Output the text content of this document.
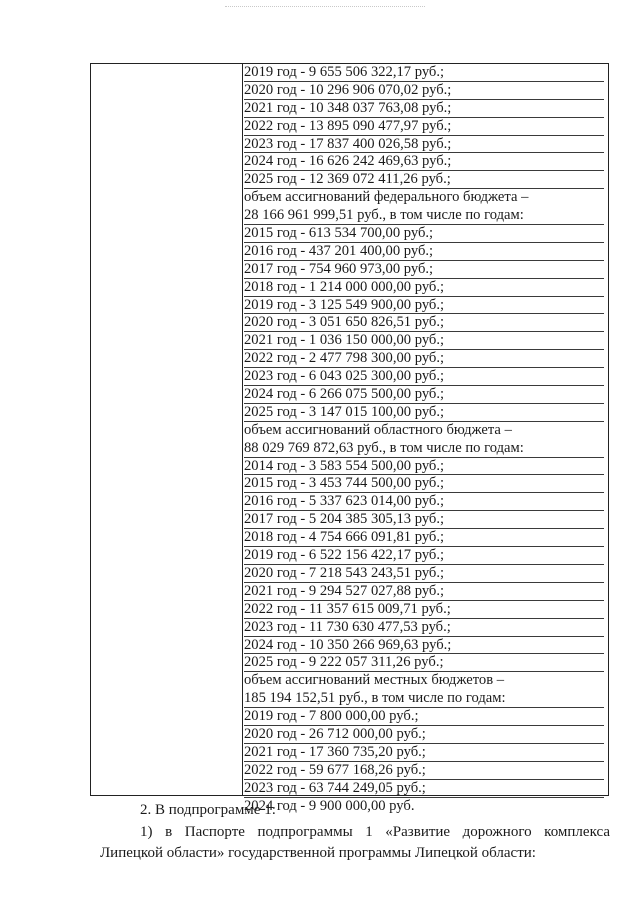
2019 год - 9 655 506 322,17 руб.;
2020 год - 10 296 906 070,02 руб.;
2021 год - 10 348 037 763,08 руб.;
2022 год - 13 895 090 477,97 руб.;
2023 год - 17 837 400 026,58 руб.;
2024 год - 16 626 242 469,63 руб.;
2025 год - 12 369 072 411,26 руб.;
объем ассигнований федерального бюджета –
28 166 961 999,51 руб., в том числе по годам:
2015 год - 613 534 700,00 руб.;
2016 год - 437 201 400,00 руб.;
2017 год - 754 960 973,00 руб.;
2018 год - 1 214 000 000,00 руб.;
2019 год - 3 125 549 900,00 руб.;
2020 год - 3 051 650 826,51 руб.;
2021 год - 1 036 150 000,00 руб.;
2022 год - 2 477 798 300,00 руб.;
2023 год - 6 043 025 300,00 руб.;
2024 год - 6 266 075 500,00 руб.;
2025 год - 3 147 015 100,00 руб.;
объем ассигнований областного бюджета –
88 029 769 872,63 руб., в том числе по годам:
2014 год - 3 583 554 500,00 руб.;
2015 год - 3 453 744 500,00 руб.;
2016 год - 5 337 623 014,00 руб.;
2017 год - 5 204 385 305,13 руб.;
2018 год - 4 754 666 091,81 руб.;
2019 год - 6 522 156 422,17 руб.;
2020 год - 7 218 543 243,51 руб.;
2021 год - 9 294 527 027,88 руб.;
2022 год - 11 357 615 009,71 руб.;
2023 год - 11 730 630 477,53 руб.;
2024 год - 10 350 266 969,63 руб.;
2025 год - 9 222 057 311,26 руб.;
объем ассигнований местных бюджетов –
185 194 152,51 руб., в том числе по годам:
2019 год - 7 800 000,00 руб.;
2020 год - 26 712 000,00 руб.;
2021 год - 17 360 735,20 руб.;
2022 год - 59 677 168,26 руб.;
2023 год - 63 744 249,05 руб.;
2024 год - 9 900 000,00 руб.

2. В подпрограмме 1:

1) в Паспорте подпрограммы 1 «Развитие дорожного комплекса

Липецкой области» государственной программы Липецкой области:
